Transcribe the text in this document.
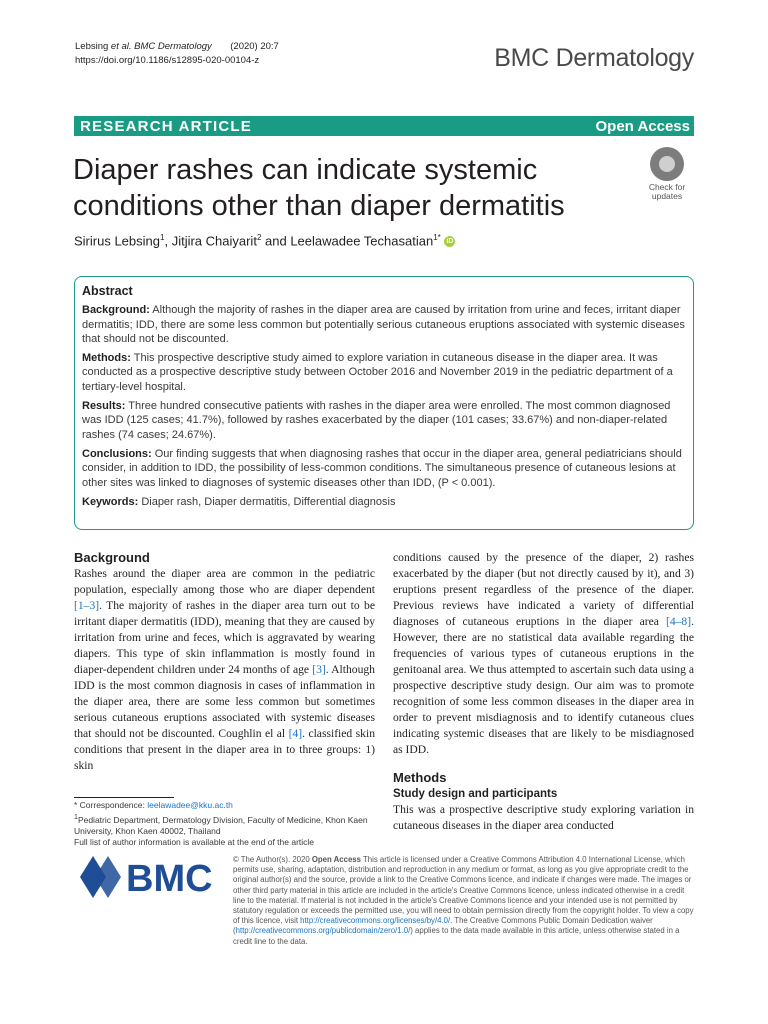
Lebsing et al. BMC Dermatology (2020) 20:7
https://doi.org/10.1186/s12895-020-00104-z	BMC Dermatology
RESEARCH ARTICLE	Open Access
Diaper rashes can indicate systemic conditions other than diaper dermatitis
Check for
updates
Sirirus Lebsing$^1$, Jitjira Chaiyarit$^2$ and Leelawadee Techasatian$^{1*}$ iD
Abstract

Background: Although the majority of rashes in the diaper area are caused by irritation from urine and feces, irritant diaper dermatitis; IDD, there are some less common but potentially serious cutaneous eruptions associated with systemic diseases that should not be discounted.

Methods: This prospective descriptive study aimed to explore variation in cutaneous disease in the diaper area. It was conducted as a prospective descriptive study between October 2016 and November 2019 in the pediatric department of a tertiary-level hospital.

Results: Three hundred consecutive patients with rashes in the diaper area were enrolled. The most common diagnosed was IDD (125 cases; 41.7%), followed by rashes exacerbated by the diaper (101 cases; 33.67%) and non-diaper-related rashes (74 cases; 24.67%).

Conclusions: Our finding suggests that when diagnosing rashes that occur in the diaper area, general pediatricians should consider, in addition to IDD, the possibility of less-common conditions. The simultaneous presence of cutaneous lesions at other sites was linked to diagnoses of systemic diseases other than IDD, (P < 0.001).

Keywords: Diaper rash, Diaper dermatitis, Differential diagnosis

Background

Rashes around the diaper area are common in the pediatric population, especially among those who are diaper dependent [1–3]. The majority of rashes in the diaper area turn out to be irritant diaper dermatitis (IDD), meaning that they are caused by irritation from urine and feces, which is aggravated by wearing diapers. This type of skin inflammation is mostly found in diaper-dependent children under 24 months of age [3]. Although IDD is the most common diagnosis in cases of inflammation in the diaper area, there are some less common but sometimes serious cutaneous eruptions associated with systemic diseases that should not be discounted. Coughlin el al [4]. classified skin conditions that present in the diaper area in to three groups: 1) skin

conditions caused by the presence of the diaper, 2) rashes exacerbated by the diaper (but not directly caused by it), and 3) eruptions present regardless of the presence of the diaper. Previous reviews have indicated a variety of differential diagnoses of cutaneous eruptions in the diaper area [4–8]. However, there are no statistical data available regarding the frequencies of various types of cutaneous eruptions in the genitoanal area. We thus attempted to ascertain such data using a prospective descriptive study design. Our aim was to promote recognition of some less common diseases in the diaper area in order to prevent misdiagnosis and to identify cutaneous clues indicating systemic diseases that are likely to be misdiagnosed as IDD.

Methods
Study design and participants

This was a prospective descriptive study exploring variation in cutaneous diseases in the diaper area conducted

* Correspondence: leelawadee@kku.ac.th
$^1$Pediatric Department, Dermatology Division, Faculty of Medicine, Khon Kaen University, Khon Kaen 40002, Thailand
Full list of author information is available at the end of the article
BMC	© The Author(s). 2020 Open Access This article is licensed under a Creative Commons Attribution 4.0 International License, which permits use, sharing, adaptation, distribution and reproduction in any medium or format, as long as you give appropriate credit to the original author(s) and the source, provide a link to the Creative Commons licence, and indicate if changes were made. The images or other third party material in this article are included in the article's Creative Commons licence, unless indicated otherwise in a credit line to the material. If material is not included in the article's Creative Commons licence and your intended use is not permitted by statutory regulation or exceeds the permitted use, you will need to obtain permission directly from the copyright holder. To view a copy of this licence, visit http://creativecommons.org/licenses/by/4.0/. The Creative Commons Public Domain Dedication waiver (http://creativecommons.org/publicdomain/zero/1.0/) applies to the data made available in this article, unless otherwise stated in a credit line to the data.
